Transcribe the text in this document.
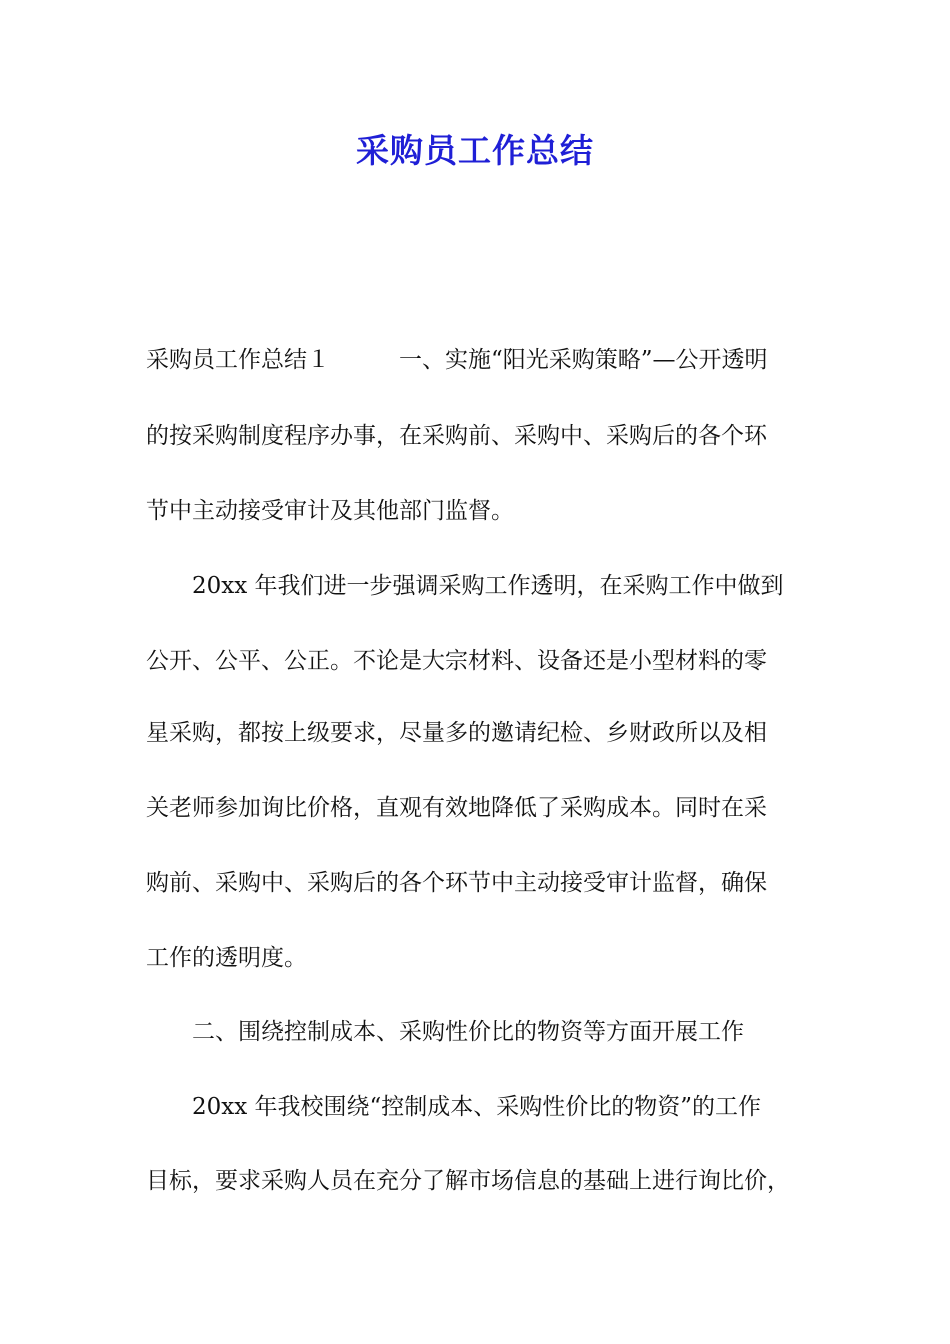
采购员工作总结
采购员工作总结１　　　一、实施“阳光采购策略”—公开透明
的按采购制度程序办事，在采购前、采购中、采购后的各个环
节中主动接受审计及其他部门监督。
　　20xx 年我们进一步强调采购工作透明，在采购工作中做到
公开、公平、公正。不论是大宗材料、设备还是小型材料的零
星采购，都按上级要求，尽量多的邀请纪检、乡财政所以及相
关老师参加询比价格，直观有效地降低了采购成本。同时在采
购前、采购中、采购后的各个环节中主动接受审计监督，确保
工作的透明度。
　　二、围绕控制成本、采购性价比的物资等方面开展工作
　　20xx 年我校围绕“控制成本、采购性价比的物资”的工作
目标，要求采购人员在充分了解市场信息的基础上进行询比价，
